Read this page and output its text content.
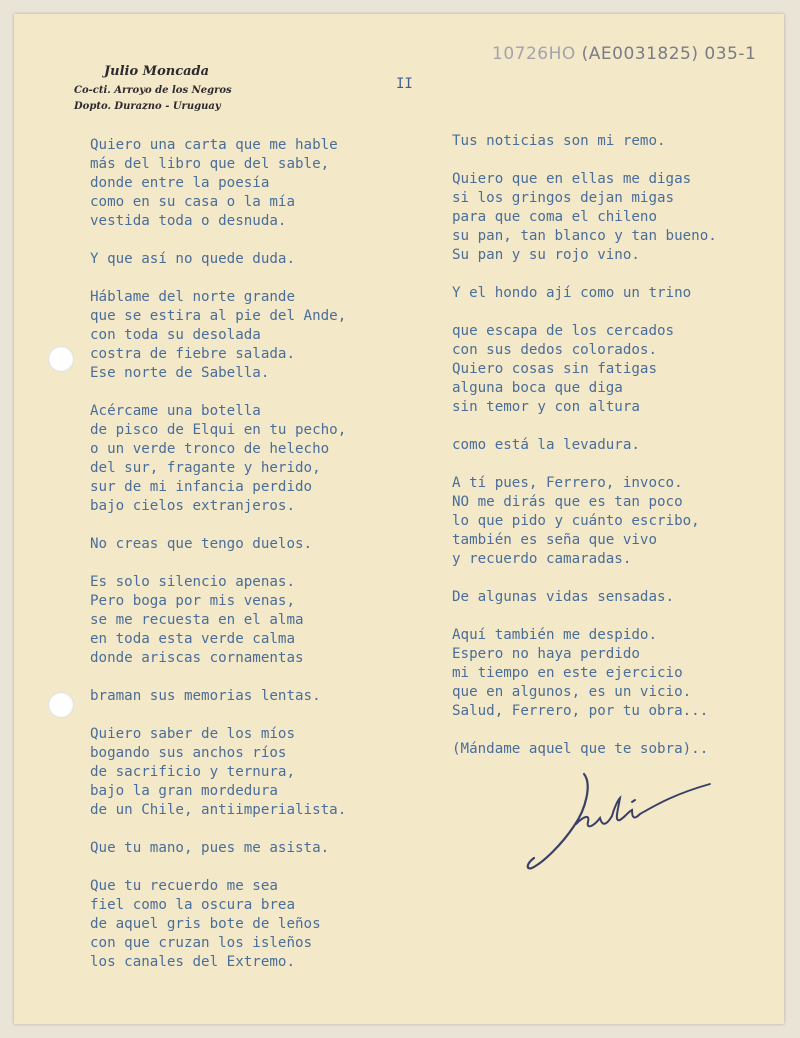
Julio Moncada
Co-cti. Arroyo de los Negros
Dopto. Durazno - Uruguay
II
10726HO (AE0031825) 035-1
Quiero una carta que me hable
más del libro que del sable,
donde entre la poesía
como en su casa o la mía
vestida toda o desnuda.
Y que así no quede duda.
Háblame del norte grande
que se estira al pie del Ande,
con toda su desolada
costra de fiebre salada.
Ese norte de Sabella.
Acércame una botella
de pisco de Elqui en tu pecho,
o un verde tronco de helecho
del sur, fragante y herido,
sur de mi infancia perdido
bajo cielos extranjeros.
No creas que tengo duelos.
Es solo silencio apenas.
Pero boga por mis venas,
se me recuesta en el alma
en toda esta verde calma
donde ariscas cornamentas
braman sus memorias lentas.
Quiero saber de los míos
bogando sus anchos ríos
de sacrificio y ternura,
bajo la gran mordedura
de un Chile, antiimperialista.
Que tu mano, pues me asista.
Que tu recuerdo me sea
fiel como la oscura brea
de aquel gris bote de leños
con que cruzan los isleños
los canales del Extremo.
Tus noticias son mi remo.
Quiero que en ellas me digas
si los gringos dejan migas
para que coma el chileno
su pan, tan blanco y tan bueno.
Su pan y su rojo vino.
Y el hondo ají como un trino
que escapa de los cercados
con sus dedos colorados.
Quiero cosas sin fatigas
alguna boca que diga
sin temor y con altura
como está la levadura.
A tí pues, Ferrero, invoco.
NO me dirás que es tan poco
lo que pido y cuánto escribo,
también es seña que vivo
y recuerdo camaradas.
De algunas vidas sensadas.
Aquí también me despido.
Espero no haya perdido
mi tiempo en este ejercicio
que en algunos, es un vicio.
Salud, Ferrero, por tu obra...
(Mándame aquel que te sobra)..
